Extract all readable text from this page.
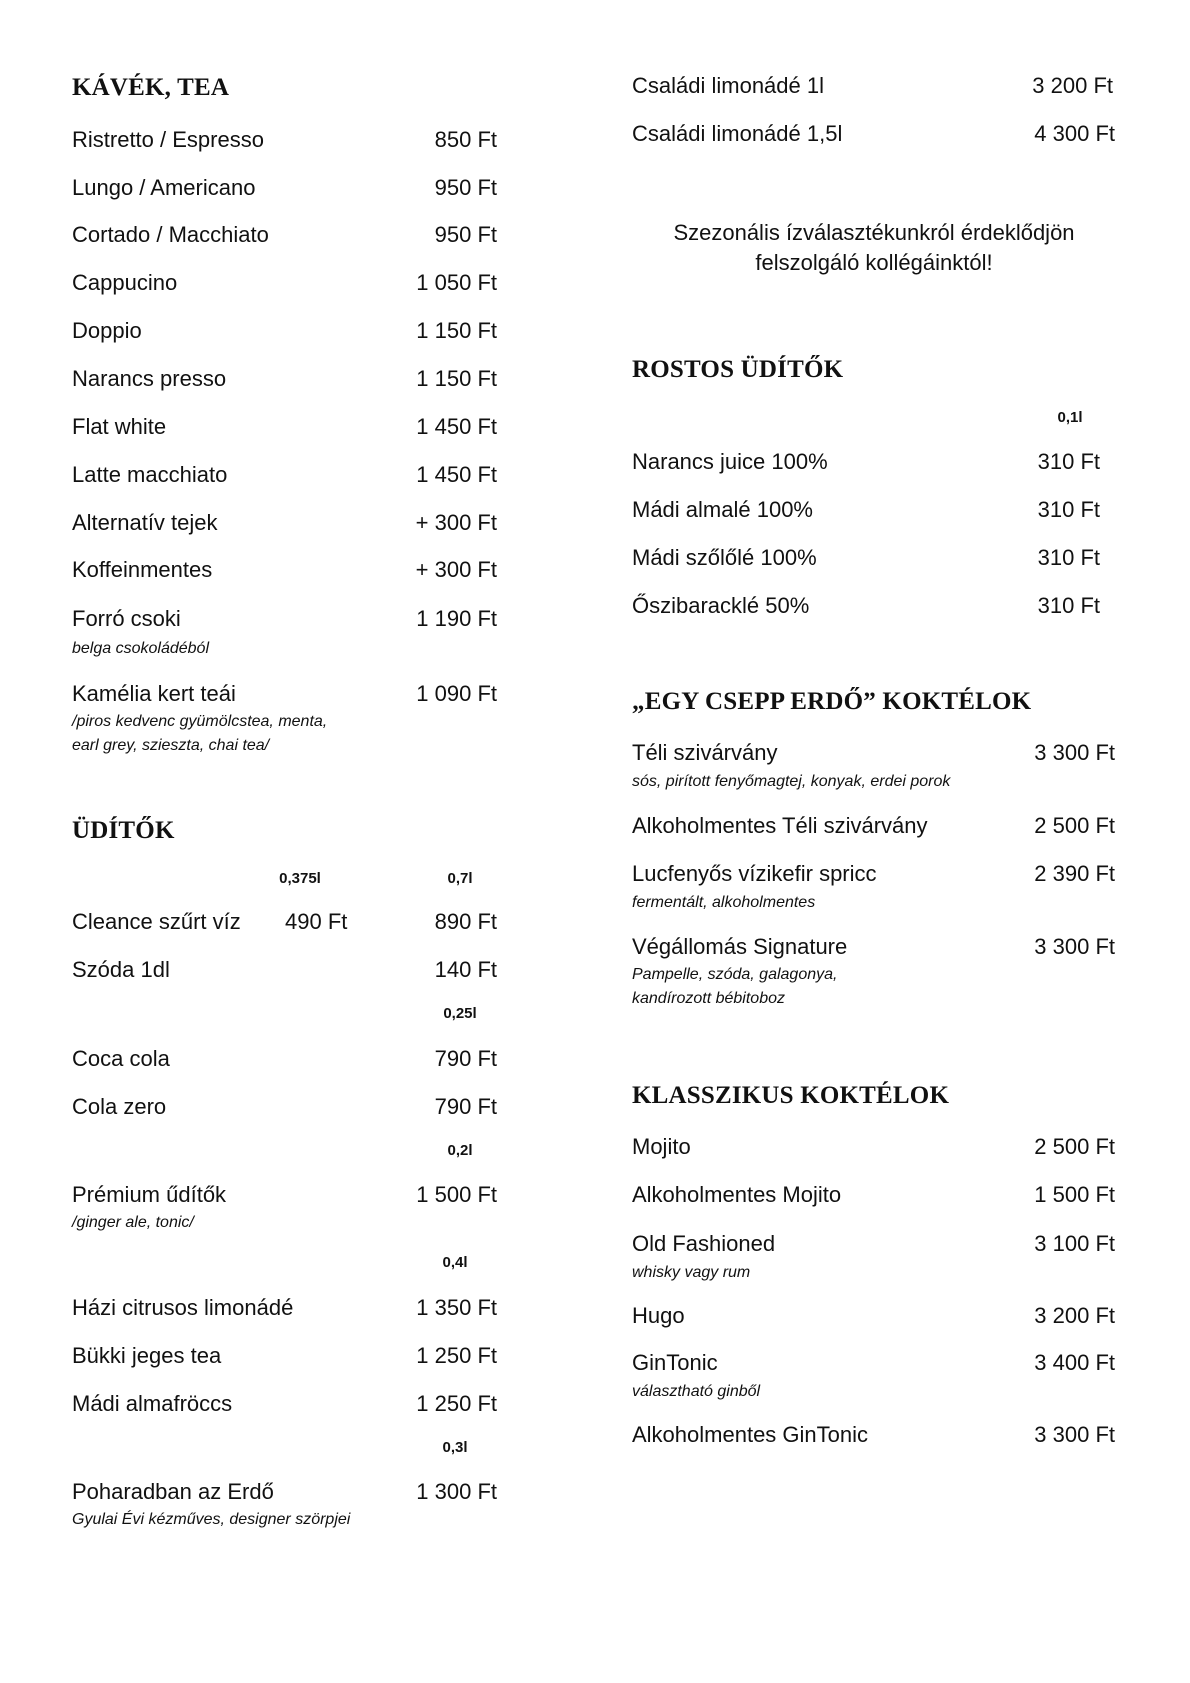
KÁVÉK, TEA
Ristretto / Espresso	850 Ft
Lungo / Americano	950 Ft
Cortado / Macchiato	950 Ft
Cappucino	1 050 Ft
Doppio	1 150 Ft
Narancs presso	1 150 Ft
Flat white	1 450 Ft
Latte macchiato	1 450 Ft
Alternatív tejek	+ 300 Ft
Koffeinmentes	+ 300 Ft
Forró csoki	1 190 Ft
belga csokoládéból
Kamélia kert teái	1 090 Ft
/piros kedvenc gyümölcstea, menta,
earl grey, szieszta, chai tea/
ÜDÍTŐK
0,375l	0,7l
Cleance szűrt víz 490 Ft	890 Ft
Szóda 1dl	140 Ft
0,25l
Coca cola	790 Ft
Cola zero	790 Ft
0,2l
Prémium űdítők	1 500 Ft
/ginger ale, tonic/
0,4l
Házi citrusos limonádé	1 350 Ft
Bükki jeges tea	1 250 Ft
Mádi almafröccs	1 250 Ft
0,3l
Poharadban az Erdő	1 300 Ft
Gyulai Évi kézműves, designer szörpjei
Családi limonádé 1l	3 200 Ft
Családi limonádé 1,5l	4 300 Ft
Szezonális ízválasztékunkról érdeklődjön
felszolgáló kollégáinktól!
ROSTOS ÜDÍTŐK
0,1l
Narancs juice 100%	310 Ft
Mádi almalé 100%	310 Ft
Mádi szőlőlé 100%	310 Ft
Őszibaracklé 50%	310 Ft
„EGY CSEPP ERDŐ” KOKTÉLOK
Téli szivárvány	3 300 Ft
sós, pirított fenyőmagtej, konyak, erdei porok
Alkoholmentes Téli szivárvány	2 500 Ft
Lucfenyős vízikefir spricc	2 390 Ft
fermentált, alkoholmentes
Végállomás Signature	3 300 Ft
Pampelle, szóda, galagonya,
kandírozott bébitoboz
KLASSZIKUS KOKTÉLOK
Mojito	2 500 Ft
Alkoholmentes Mojito	1 500 Ft
Old Fashioned	3 100 Ft
whisky vagy rum
Hugo	3 200 Ft
GinTonic	3 400 Ft
választható ginből
Alkoholmentes GinTonic	3 300 Ft
